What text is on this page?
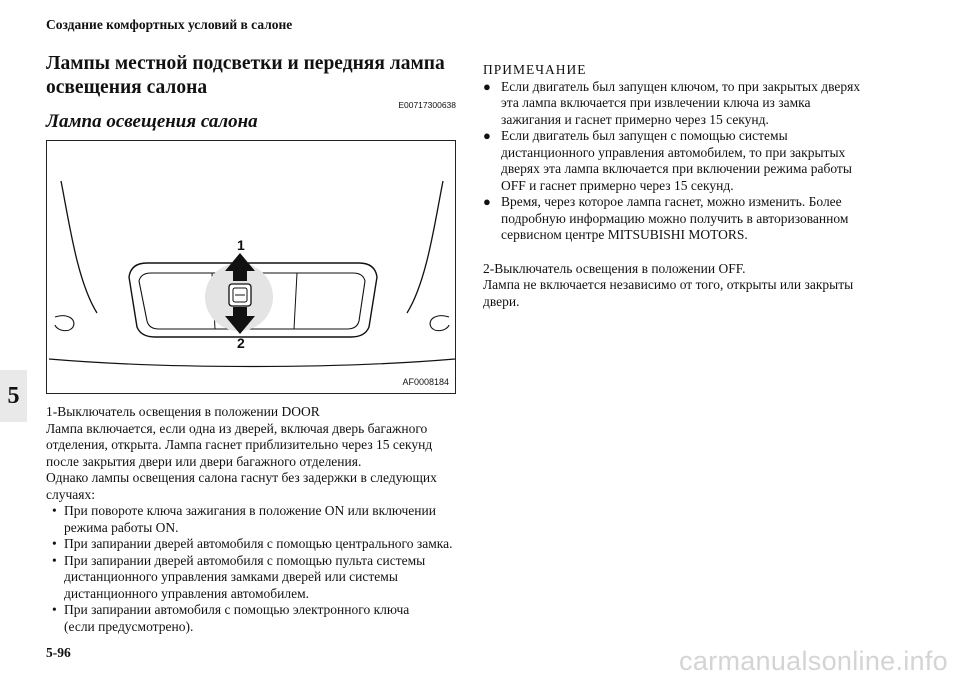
Создание комфортных условий в салоне
5
5-96	carmanualsonline.info
Лампы местной подсветки и передняя лампа
освещения салона
E00717300638
Лампа освещения салона
1
2
AF0008184

1-Выключатель освещения в положении DOOR

Лампа включается, если одна из дверей, включая дверь багажного
отделения, открыта. Лампа гаснет приблизительно через 15 секунд
после закрытия двери или двери багажного отделения.
Однако лампы освещения салона гаснут без задержки в следующих
случаях:

• При повороте ключа зажигания в положение ON или включении
режима работы ON.
• При запирании дверей автомобиля с помощью центрального замка.
• При запирании дверей автомобиля с помощью пульта системы
дистанционного управления замками дверей или системы
дистанционного управления автомобилем.
• При запирании автомобиля с помощью электронного ключа
(если предусмотрено).
ПРИМЕЧАНИЕ
● Если двигатель был запущен ключом, то при закрытых дверях
эта лампа включается при извлечении ключа из замка
зажигания и гаснет примерно через 15 секунд.
● Если двигатель был запущен с помощью системы
дистанционного управления автомобилем, то при закрытых
дверях эта лампа включается при включении режима работы
OFF и гаснет примерно через 15 секунд.
● Время, через которое лампа гаснет, можно изменить. Более
подробную информацию можно получить в авторизованном
сервисном центре MITSUBISHI MOTORS.

2-Выключатель освещения в положении OFF.

Лампа не включается независимо от того, открыты или закрыты
двери.
